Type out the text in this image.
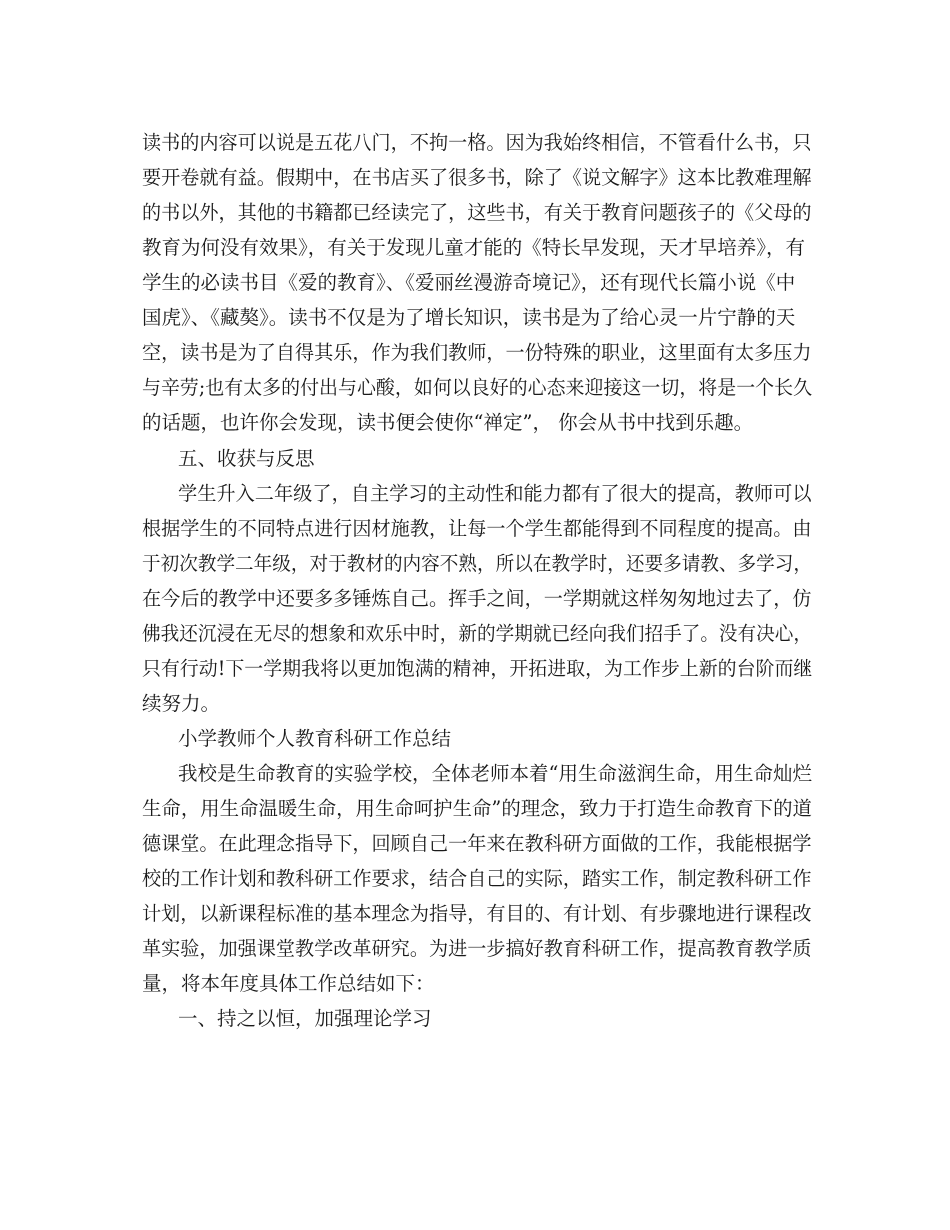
读书的内容可以说是五花八门，不拘一格。因为我始终相信，不管看什么书，只
要开卷就有益。假期中，在书店买了很多书，除了《说文解字》这本比教难理解
的书以外，其他的书籍都已经读完了，这些书，有关于教育问题孩子的《父母的
教育为何没有效果》，有关于发现儿童才能的《特长早发现，天才早培养》，有
学生的必读书目《爱的教育》、《爱丽丝漫游奇境记》，还有现代长篇小说《中
国虎》、《藏獒》。读书不仅是为了增长知识，读书是为了给心灵一片宁静的天
空，读书是为了自得其乐，作为我们教师，一份特殊的职业，这里面有太多压力
与辛劳;也有太多的付出与心酸，如何以良好的心态来迎接这一切，将是一个长久
的话题，也许你会发现，读书便会使你“禅定”， 你会从书中找到乐趣。
五、收获与反思
学生升入二年级了，自主学习的主动性和能力都有了很大的提高，教师可以
根据学生的不同特点进行因材施教，让每一个学生都能得到不同程度的提高。由
于初次教学二年级，对于教材的内容不熟，所以在教学时，还要多请教、多学习，
在今后的教学中还要多多锤炼自己。挥手之间，一学期就这样匆匆地过去了，仿
佛我还沉浸在无尽的想象和欢乐中时，新的学期就已经向我们招手了。没有决心，
只有行动!下一学期我将以更加饱满的精神，开拓进取，为工作步上新的台阶而继
续努力。
小学教师个人教育科研工作总结
我校是生命教育的实验学校，全体老师本着“用生命滋润生命，用生命灿烂
生命，用生命温暖生命，用生命呵护生命”的理念，致力于打造生命教育下的道
德课堂。在此理念指导下，回顾自己一年来在教科研方面做的工作，我能根据学
校的工作计划和教科研工作要求，结合自己的实际，踏实工作，制定教科研工作
计划，以新课程标准的基本理念为指导，有目的、有计划、有步骤地进行课程改
革实验，加强课堂教学改革研究。为进一步搞好教育科研工作，提高教育教学质
量，将本年度具体工作总结如下：
一、持之以恒，加强理论学习
